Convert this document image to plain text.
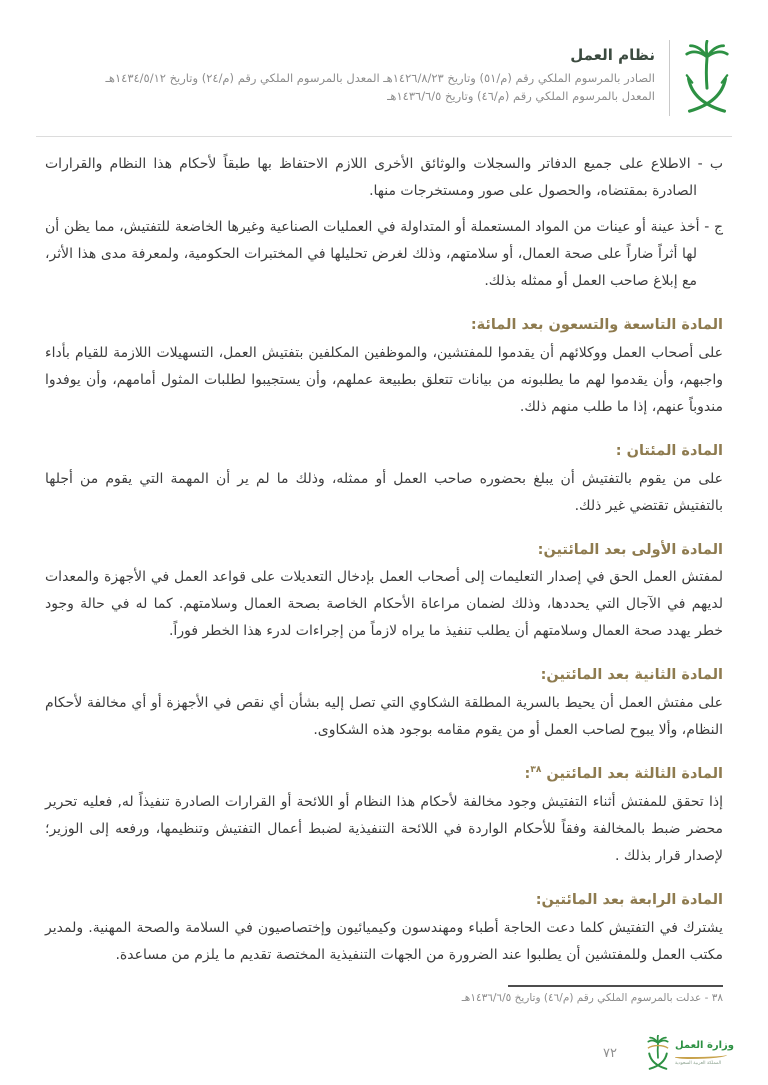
نظام العمل
الصادر بالمرسوم الملكي رقم (م/٥١) وتاريخ ١٤٢٦/٨/٢٣هـ المعدل بالمرسوم الملكي رقم (م/٢٤) وتاريخ ١٤٣٤/٥/١٢هـ
المعدل بالمرسوم الملكي رقم (م/٤٦) وتاريخ ١٤٣٦/٦/٥هـ

ب - الاطلاع على جميع الدفاتر والسجلات والوثائق الأخرى اللازم الاحتفاظ بها طبقاً لأحكام هذا النظام والقرارات الصادرة بمقتضاه، والحصول على صور ومستخرجات منها.

ج - أخذ عينة أو عينات من المواد المستعملة أو المتداولة في العمليات الصناعية وغيرها الخاضعة للتفتيش، مما يظن أن لها أثراً ضاراً على صحة العمال، أو سلامتهم، وذلك لغرض تحليلها في المختبرات الحكومية، ولمعرفة مدى هذا الأثر، مع إبلاغ صاحب العمل أو ممثله بذلك.

المادة التاسعة والتسعون بعد المائة:

على أصحاب العمل ووكلائهم أن يقدموا للمفتشين، والموظفين المكلفين بتفتيش العمل، التسهيلات اللازمة للقيام بأداء واجبهم، وأن يقدموا لهم ما يطلبونه من بيانات تتعلق بطبيعة عملهم، وأن يستجيبوا لطلبات المثول أمامهم، وأن يوفدوا مندوباً عنهم، إذا ما طلب منهم ذلك.

المادة المئتان :

على من يقوم بالتفتيش أن يبلغ بحضوره صاحب العمل أو ممثله، وذلك ما لم ير أن المهمة التي يقوم من أجلها بالتفتيش تقتضي غير ذلك.

المادة الأولى بعد المائتين:

لمفتش العمل الحق في إصدار التعليمات إلى أصحاب العمل بإدخال التعديلات على قواعد العمل في الأجهزة والمعدات لديهم في الآجال التي يحددها، وذلك لضمان مراعاة الأحكام الخاصة بصحة العمال وسلامتهم. كما له في حالة وجود خطر يهدد صحة العمال وسلامتهم أن يطلب تنفيذ ما يراه لازماً من إجراءات لدرء هذا الخطر فوراً.

المادة الثانية بعد المائتين:

على مفتش العمل أن يحيط بالسرية المطلقة الشكاوي التي تصل إليه بشأن أي نقص في الأجهزة أو أي مخالفة لأحكام النظام، وألا يبوح لصاحب العمل أو من يقوم مقامه بوجود هذه الشكاوى.

المادة الثالثة بعد المائتين $^{٣٨}$:

إذا تحقق للمفتش أثناء التفتيش وجود مخالفة لأحكام هذا النظام أو اللائحة أو القرارات الصادرة تنفيذاً له, فعليه تحرير محضر ضبط بالمخالفة وفقاً للأحكام الواردة في اللائحة التنفيذية لضبط أعمال التفتيش وتنظيمها، ورفعه إلى الوزير؛ لإصدار قرار بذلك .

المادة الرابعة بعد المائتين:

يشترك في التفتيش كلما دعت الحاجة أطباء ومهندسون وكيميائيون وإختصاصيون في السلامة والصحة المهنية. ولمدير مكتب العمل وللمفتشين أن يطلبوا عند الضرورة من الجهات التنفيذية المختصة تقديم ما يلزم من مساعدة.

٣٨ - عدلت بالمرسوم الملكي رقم (م/٤٦) وتاريخ ١٤٣٦/٦/٥هـ
وزارة العمل
المملكة العربية السعودية
٧٢
